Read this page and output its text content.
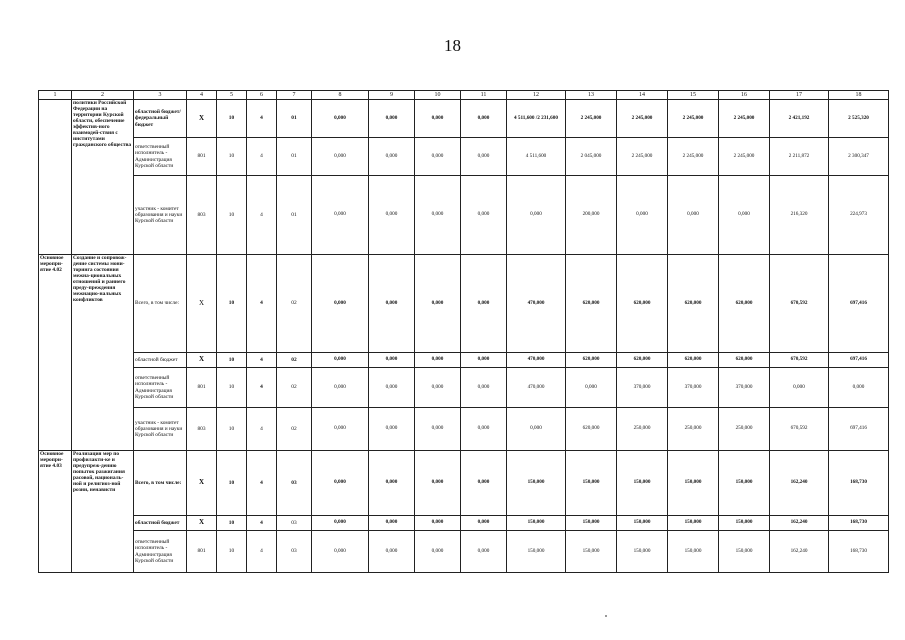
18
1	2	3	4	5	6	7	8	9	10	11	12	13	14	15	16	17	18
	политики Российской Федерации на территории Курской области, обеспечение эффектив-ного взаимодей-ствия с институтами гражданского общества	областной бюджет/ федеральный бюджет	Х	10	4	01	0,000	0,000	0,000	0,000	4 511,600 /2 231,600	2 245,000	2 245,000	2 245,000	2 245,000	2 421,192	2 525,320
		ответственный исполнитель - Администрация Курской области	801	10	4	01	0,000	0,000	0,000	0,000	4 511,600	2 045,000	2 245,000	2 245,000	2 245,000	2 211,872	2 300,347
		участник - комитет образования и науки Курской области	803	10	4	01	0,000	0,000	0,000	0,000	0,000	200,000	0,000	0,000	0,000	216,320	224,973
Основное меропри-ятие 4.02	Создание и сопровож-дение системы мони-торинга состояния межна-циональных отношений и раннего преду-преждения межнацио-нальных конфликтов	Всего, в том числе:	Х	10	4	02	0,000	0,000	0,000	0,000	470,000	620,000	620,000	620,000	620,000	670,592	697,416
		областной бюджет	Х	10	4	02	0,000	0,000	0,000	0,000	470,000	620,000	620,000	620,000	620,000	670,592	697,416
		ответственный исполнитель - Администрация Курской области	801	10	4	02	0,000	0,000	0,000	0,000	470,000	0,000	370,000	370,000	370,000	0,000	0,000
		участник - комитет образования и науки Курской области	803	10	4	02	0,000	0,000	0,000	0,000	0,000	620,000	250,000	250,000	250,000	670,592	697,416
Основное меропри-ятие 4.03	Реализация мер по профилакти-ке и предупреж-дению попыток разжигания расовой, националь-ной и религиоз-ной розни, ненависти	Всего, в том числе:	Х	10	4	03	0,000	0,000	0,000	0,000	150,000	150,000	150,000	150,000	150,000	162,240	168,730
		областной бюджет	Х	10	4	03	0,000	0,000	0,000	0,000	150,000	150,000	150,000	150,000	150,000	162,240	168,730
		ответственный исполнитель - Администрация Курской области	801	10	4	03	0,000	0,000	0,000	0,000	150,000	150,000	150,000	150,000	150,000	162,240	168,730
